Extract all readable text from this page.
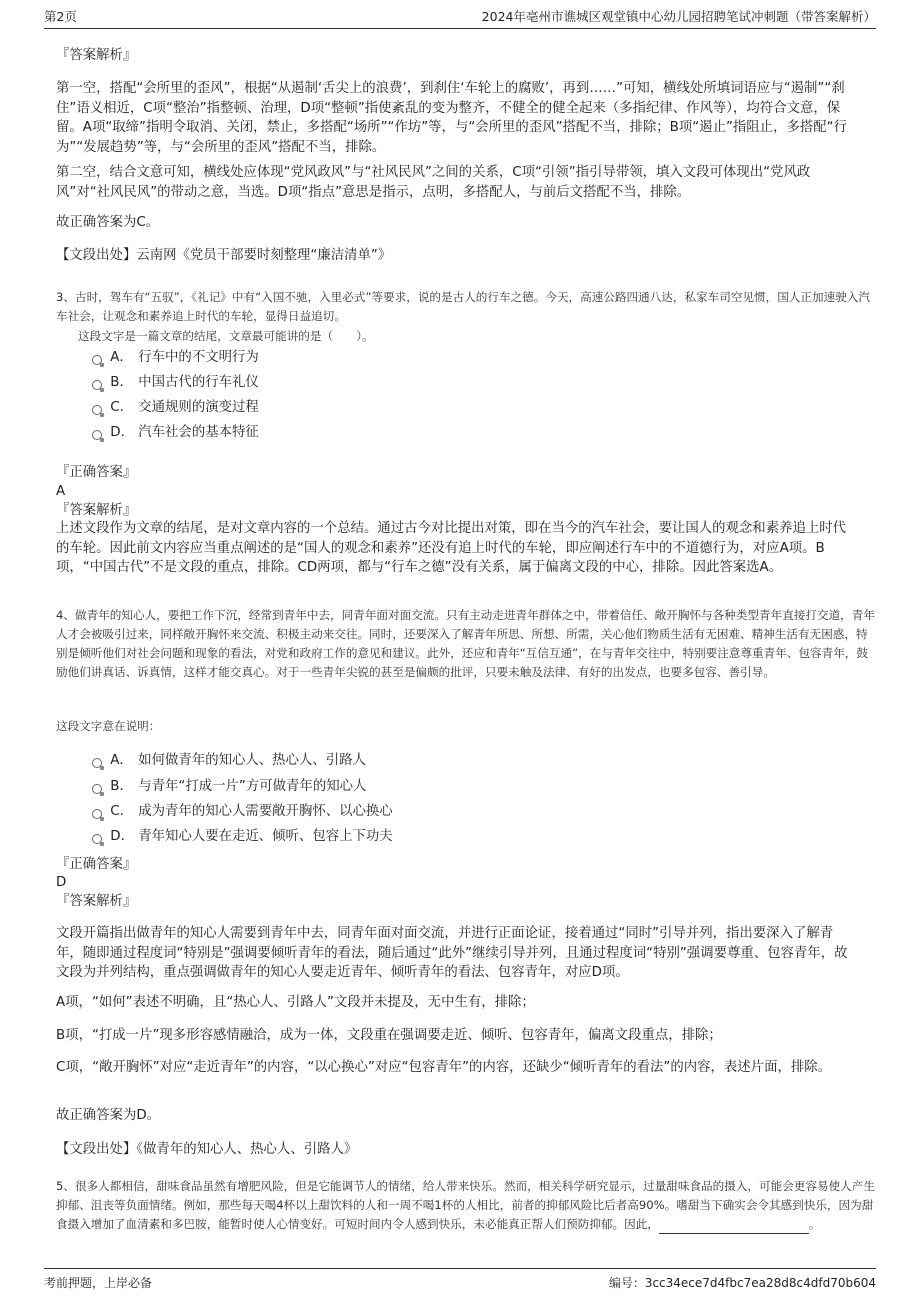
第2页	2024年亳州市谯城区观堂镇中心幼儿园招聘笔试冲刺题（带答案解析）

『答案解析』

第一空，搭配“会所里的歪风”，根据“从遏制‘舌尖上的浪费’，到刹住‘车轮上的腐败’，再到……”可知，横线处所填词语应与“遏制”“刹住”语义相近，C项“整治”指整顿、治理，D项“整顿”指使紊乱的变为整齐，不健全的健全起来（多指纪律、作风等），均符合文意，保留。A项“取缔”指明令取消、关闭，禁止，多搭配“场所”“作坊”等，与“会所里的歪风”搭配不当，排除；B项“遏止”指阻止，多搭配“行为”“发展趋势”等，与“会所里的歪风”搭配不当，排除。

第二空，结合文意可知，横线处应体现“党风政风”与“社风民风”之间的关系，C项“引领”指引导带领，填入文段可体现出“党风政风”对“社风民风”的带动之意，当选。D项“指点”意思是指示，点明，多搭配人，与前后文搭配不当，排除。

故正确答案为C。

【文段出处】云南网《党员干部要时刻整理“廉洁清单”》

3、古时，驾车有“五驭”，《礼记》中有“入国不驰，入里必式”等要求，说的是古人的行车之德。今天，高速公路四通八达，私家车司空见惯，国人正加速驶入汽车社会，让观念和素养追上时代的车轮，显得日益追切。

这段文字是一篇文章的结尾，文章最可能讲的是（　　）。

A． 行车中的不文明行为
B． 中国古代的行车礼仪
C． 交通规则的演变过程
D． 汽车社会的基本特征

『正确答案』

A

『答案解析』

上述文段作为文章的结尾，是对文章内容的一个总结。通过古今对比提出对策，即在当今的汽车社会，要让国人的观念和素养追上时代的车轮。因此前文内容应当重点阐述的是“国人的观念和素养”还没有追上时代的车轮，即应阐述行车中的不道德行为，对应A项。B项，“中国古代”不是文段的重点，排除。CD两项，都与“行车之德”没有关系，属于偏离文段的中心，排除。因此答案选A。

4、做青年的知心人，要把工作下沉，经常到青年中去，同青年面对面交流。只有主动走进青年群体之中，带着信任、敞开胸怀与各种类型青年直接打交道，青年人才会被吸引过来，同样敞开胸怀来交流、积极主动来交往。同时，还要深入了解青年所思、所想、所需，关心他们物质生活有无困难、精神生活有无困惑，特别是倾听他们对社会问题和现象的看法，对党和政府工作的意见和建议。此外，还应和青年“互信互通”，在与青年交往中，特别要注意尊重青年、包容青年，鼓励他们讲真话、诉真情，这样才能交真心。对于一些青年尖锐的甚至是偏颇的批评，只要未触及法律、有好的出发点，也要多包容、善引导。

这段文字意在说明：

A． 如何做青年的知心人、热心人、引路人
B． 与青年“打成一片”方可做青年的知心人
C． 成为青年的知心人需要敞开胸怀、以心换心
D． 青年知心人要在走近、倾听、包容上下功夫

『正确答案』

D

『答案解析』

文段开篇指出做青年的知心人需要到青年中去，同青年面对面交流，并进行正面论证，接着通过“同时”引导并列，指出要深入了解青年，随即通过程度词“特别是”强调要倾听青年的看法，随后通过“此外”继续引导并列，且通过程度词“特别”强调要尊重、包容青年，故文段为并列结构，重点强调做青年的知心人要走近青年、倾听青年的看法、包容青年，对应D项。

A项，“如何”表述不明确，且“热心人、引路人”文段并未提及，无中生有，排除；

B项，“打成一片”现多形容感情融洽，成为一体，文段重在强调要走近、倾听、包容青年，偏离文段重点，排除；

C项，“敞开胸怀”对应“走近青年”的内容，“以心换心”对应“包容青年”的内容，还缺少“倾听青年的看法”的内容，表述片面，排除。

故正确答案为D。

【文段出处】《做青年的知心人、热心人、引路人》

5、很多人都相信，甜味食品虽然有增肥风险，但是它能调节人的情绪，给人带来快乐。然而，相关科学研究显示，过量甜味食品的摄入，可能会更容易使人产生抑郁、沮丧等负面情绪。例如，那些每天喝4杯以上甜饮料的人和一周不喝1杯的人相比，前者的抑郁风险比后者高90%。嗜甜当下确实会令其感到快乐，因为甜食摄入增加了血清素和多巴胺，能暂时使人心情变好。可短时间内令人感到快乐，未必能真正帮人们预防抑郁。因此，	。

考前押题，上岸必备	编号：3cc34ece7d4fbc7ea28d8c4dfd70b604
